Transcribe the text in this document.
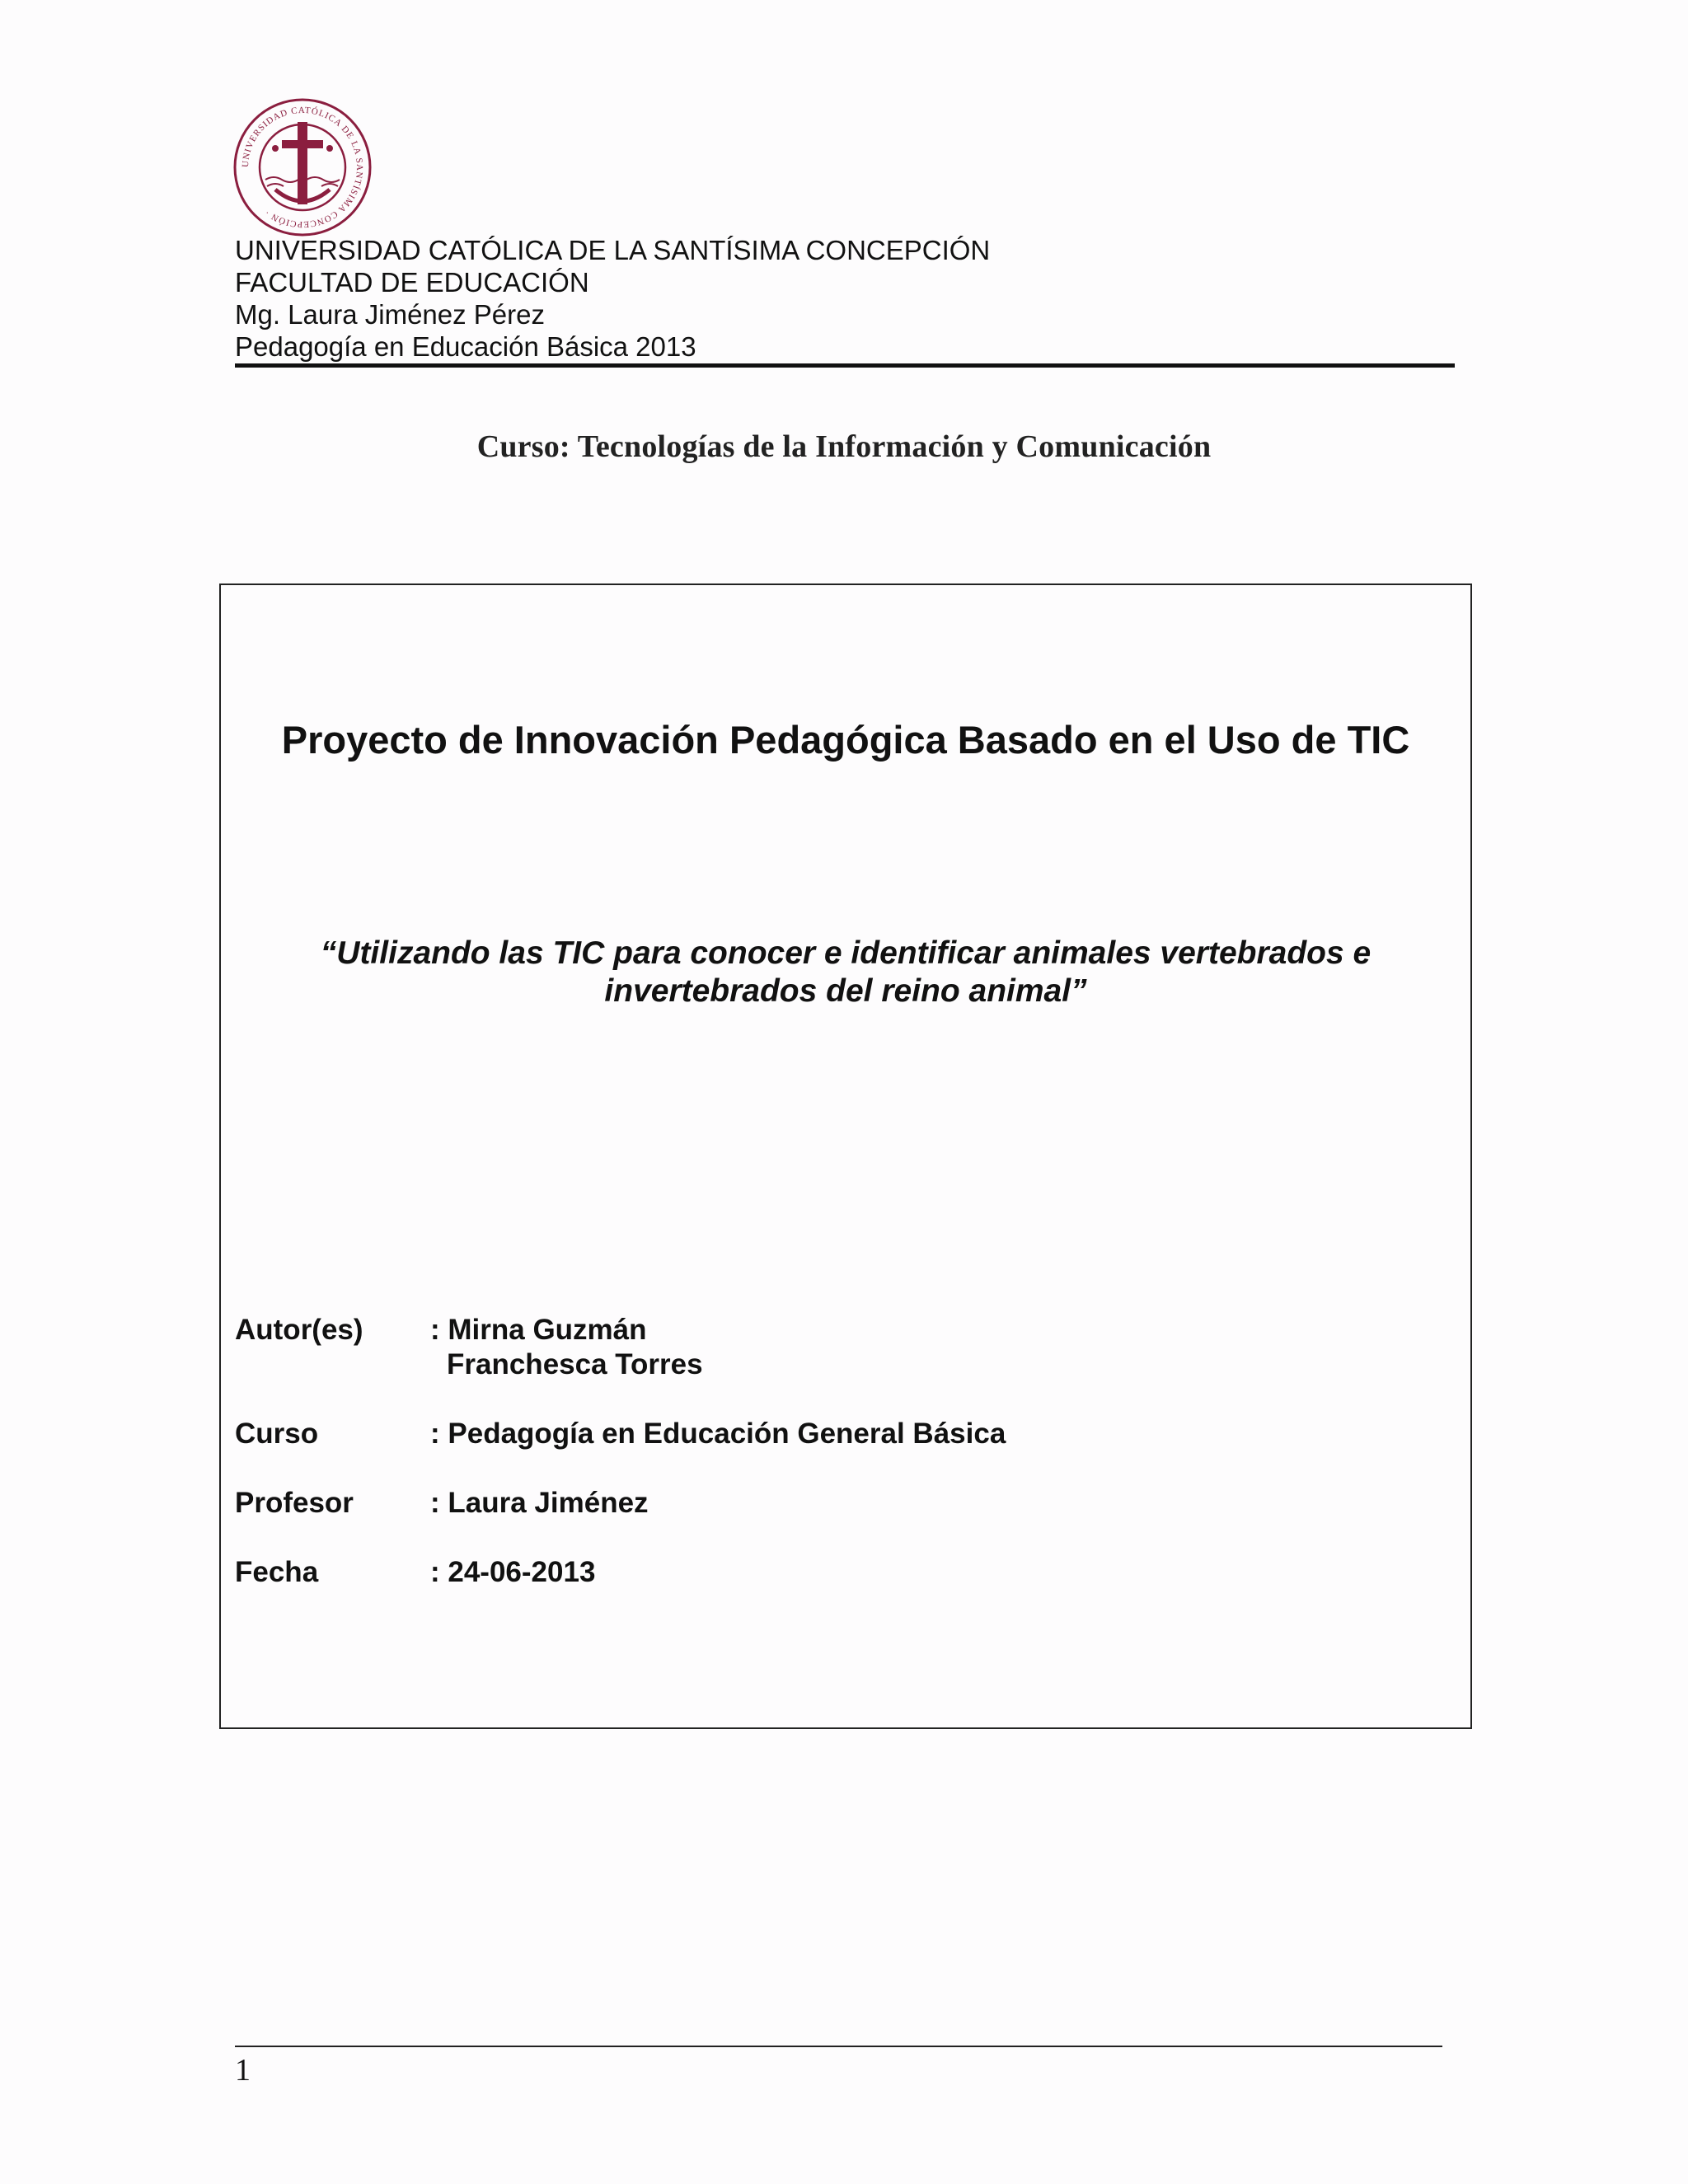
UNIVERSIDAD CATÓLICA DE LA SANTÍSIMA CONCEPCIÓN ·
UNIVERSIDAD CATÓLICA DE LA SANTÍSIMA CONCEPCIÓN
FACULTAD DE EDUCACIÓN
Mg. Laura Jiménez Pérez
Pedagogía en Educación Básica 2013
Curso: Tecnologías de la Información y Comunicación
Proyecto de Innovación Pedagógica Basado en el Uso de TIC
“Utilizando las TIC para conocer e identificar animales vertebrados e
invertebrados del reino animal”
Autor(es)	: Mirna Guzmán
Franchesca Torres
Curso	: Pedagogía en Educación General Básica
Profesor	: Laura Jiménez
Fecha	: 24-06-2013
1
